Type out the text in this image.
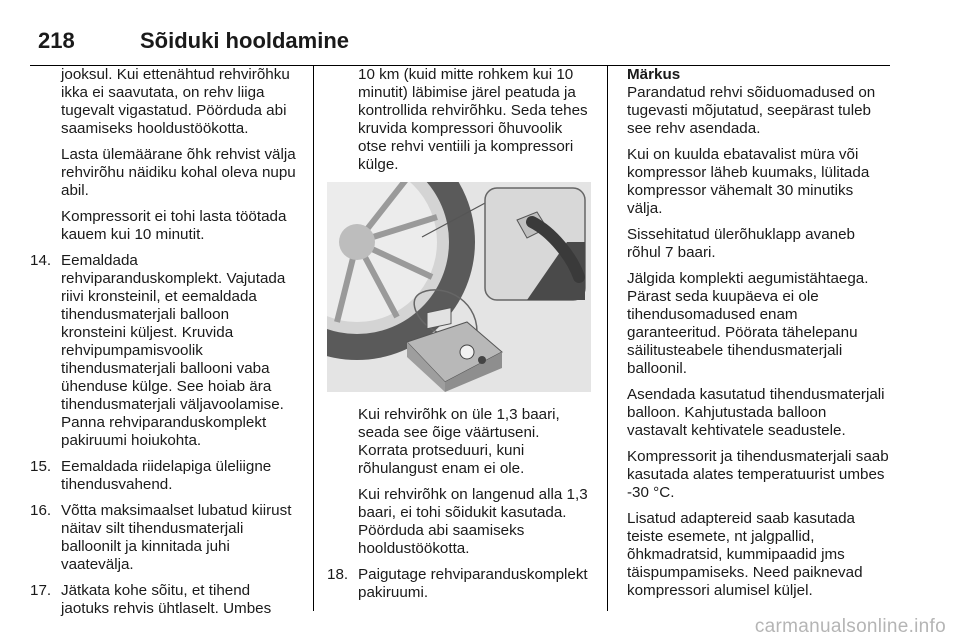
218	Sõiduki hooldamine

jooksul. Kui ettenähtud rehvirõhku ikka ei saavutata, on rehv liiga tugevalt vigastatud. Pöörduda abi saamiseks hooldustöökotta.

Lasta ülemäärane õhk rehvist välja rehvirõhu näidiku kohal oleva nupu abil.

Kompressorit ei tohi lasta töötada kauem kui 10 minutit.

14. Eemaldada rehviparanduskomplekt. Vajutada riivi kronsteinil, et eemaldada tihendusmaterjali balloon kronsteini küljest. Kruvida rehvipumpamisvoolik tihendusmaterjali ballooni vaba ühenduse külge. See hoiab ära tihendusmaterjali väljavoolamise. Panna rehviparanduskomplekt pakiruumi hoiukohta.
15. Eemaldada riidelapiga üleliigne tihendusvahend.
16. Võtta maksimaalset lubatud kiirust näitav silt tihendusmaterjali balloonilt ja kinnitada juhi vaatevälja.
17. Jätkata kohe sõitu, et tihend jaotuks rehvis ühtlaselt. Umbes

10 km (kuid mitte rohkem kui 10 minutit) läbimise järel peatuda ja kontrollida rehvirõhku. Seda tehes kruvida kompressori õhuvoolik otse rehvi ventiili ja kompressori külge.

Kui rehvirõhk on üle 1,3 baari, seada see õige väärtuseni. Korrata protseduuri, kuni rõhulangust enam ei ole.

Kui rehvirõhk on langenud alla 1,3 baari, ei tohi sõidukit kasutada. Pöörduda abi saamiseks hooldustöökotta.

18. Paigutage rehviparanduskomplekt pakiruumi.
Märkus

Parandatud rehvi sõiduomadused on tugevasti mõjutatud, seepärast tuleb see rehv asendada.

Kui on kuulda ebatavalist müra või kompressor läheb kuumaks, lülitada kompressor vähemalt 30 minutiks välja.

Sissehitatud ülerõhuklapp avaneb rõhul 7 baari.

Jälgida komplekti aegumistähtaega. Pärast seda kuupäeva ei ole tihendusomadused enam garanteeritud. Pöörata tähelepanu säilitusteabele tihendusmaterjali balloonil.

Asendada kasutatud tihendusmaterjali balloon. Kahjutustada balloon vastavalt kehtivatele seadustele.

Kompressorit ja tihendusmaterjali saab kasutada alates temperatuurist umbes -30 °C.

Lisatud adaptereid saab kasutada teiste esemete, nt jalgpallid, õhkmadratsid, kummipaadid jms täispumpamiseks. Need paiknevad kompressori alumisel küljel.

carmanualsonline.info
